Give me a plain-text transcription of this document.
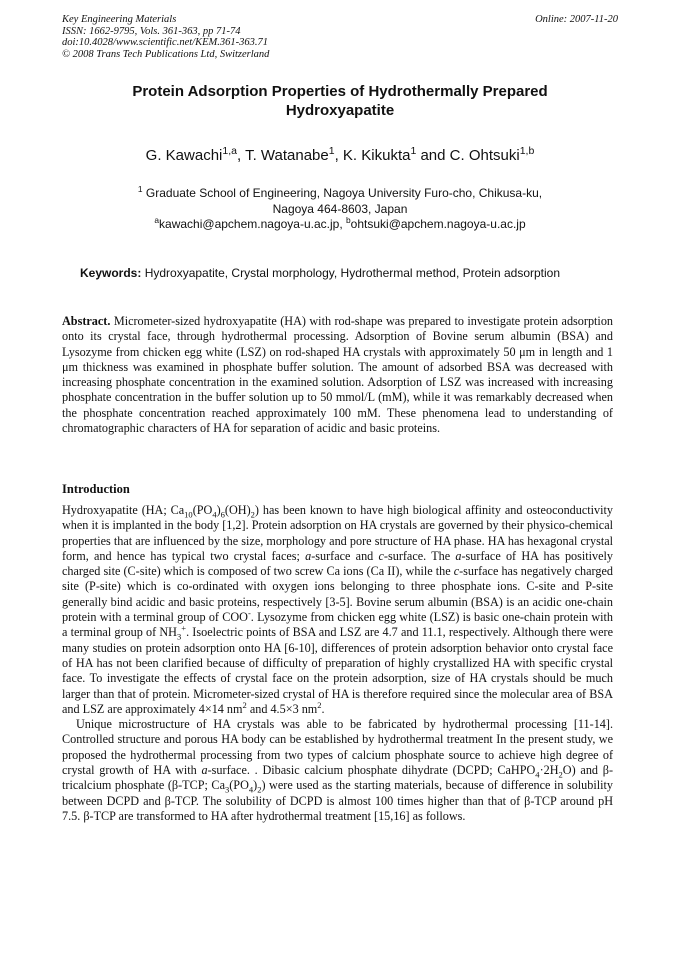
Key Engineering Materials
ISSN: 1662-9795, Vols. 361-363, pp 71-74
doi:10.4028/www.scientific.net/KEM.361-363.71
© 2008 Trans Tech Publications Ltd, Switzerland
Online: 2007-11-20
Protein Adsorption Properties of Hydrothermally Prepared
Hydroxyapatite
G. Kawachi$^{1,a}$, T. Watanabe$^1$, K. Kikukta$^1$ and C. Ohtsuki$^{1,b}$
$^1$ Graduate School of Engineering, Nagoya University Furo-cho, Chikusa-ku,
Nagoya 464-8603, Japan
$^a$kawachi@apchem.nagoya-u.ac.jp, $^b$ohtsuki@apchem.nagoya-u.ac.jp
Keywords: Hydroxyapatite, Crystal morphology, Hydrothermal method, Protein adsorption

Abstract. Micrometer-sized hydroxyapatite (HA) with rod-shape was prepared to investigate protein adsorption onto its crystal face, through hydrothermal processing. Adsorption of Bovine serum albumin (BSA) and Lysozyme from chicken egg white (LSZ) on rod-shaped HA crystals with approximately 50 μm in length and 1 μm thickness was examined in phosphate buffer solution. The amount of adsorbed BSA was decreased with increasing phosphate concentration in the examined solution. Adsorption of LSZ was increased with increasing phosphate concentration in the buffer solution up to 50 mmol/L (mM), while it was remarkably decreased when the phosphate concentration reached approximately 100 mM. These phenomena lead to understanding of chromatographic characters of HA for separation of acidic and basic proteins.

Introduction

Hydroxyapatite (HA; $Ca_{10}(PO_4)_6(OH)_2$) has been known to have high biological affinity and osteoconductivity when it is implanted in the body [1,2]. Protein adsorption on HA crystals are governed by their physico-chemical properties that are influenced by the size, morphology and pore structure of HA phase. HA has hexagonal crystal form, and hence has typical two crystal faces; a-surface and c-surface. The a-surface of HA has positively charged site (C-site) which is composed of two screw Ca ions (Ca II), while the c-surface has negatively charged site (P-site) which is co-ordinated with oxygen ions belonging to three phosphate ions. C-site and P-site generally bind acidic and basic proteins, respectively [3-5]. Bovine serum albumin (BSA) is an acidic one-chain protein with a terminal group of COO-. Lysozyme from chicken egg white (LSZ) is basic one-chain protein with a terminal group of $NH_3^+$. Isoelectric points of BSA and LSZ are 4.7 and 11.1, respectively. Although there were many studies on protein adsorption onto HA [6-10], differences of protein adsorption behavior onto crystal face of HA has not been clarified because of difficulty of preparation of highly crystallized HA with specific crystal face. To investigate the effects of crystal face on the protein adsorption, size of HA crystals should be much larger than that of protein. Micrometer-sized crystal of HA is therefore required since the molecular area of BSA and LSZ are approximately 4×14 $nm^2$ and 4.5×3 $nm^2$.

Unique microstructure of HA crystals was able to be fabricated by hydrothermal processing [11-14]. Controlled structure and porous HA body can be established by hydrothermal treatment In the present study, we proposed the hydrothermal processing from two types of calcium phosphate source to achieve high degree of crystal growth of HA with a-surface. . Dibasic calcium phosphate dihydrate (DCPD; $CaHPO_4\cdot 2H_2O$) and β-tricalcium phosphate (β-TCP; $Ca_3(PO_4)_2$) were used as the starting materials, because of difference in solubility between DCPD and β-TCP. The solubility of DCPD is almost 100 times higher than that of β-TCP around pH 7.5. β-TCP are transformed to HA after hydrothermal treatment [15,16] as follows.
